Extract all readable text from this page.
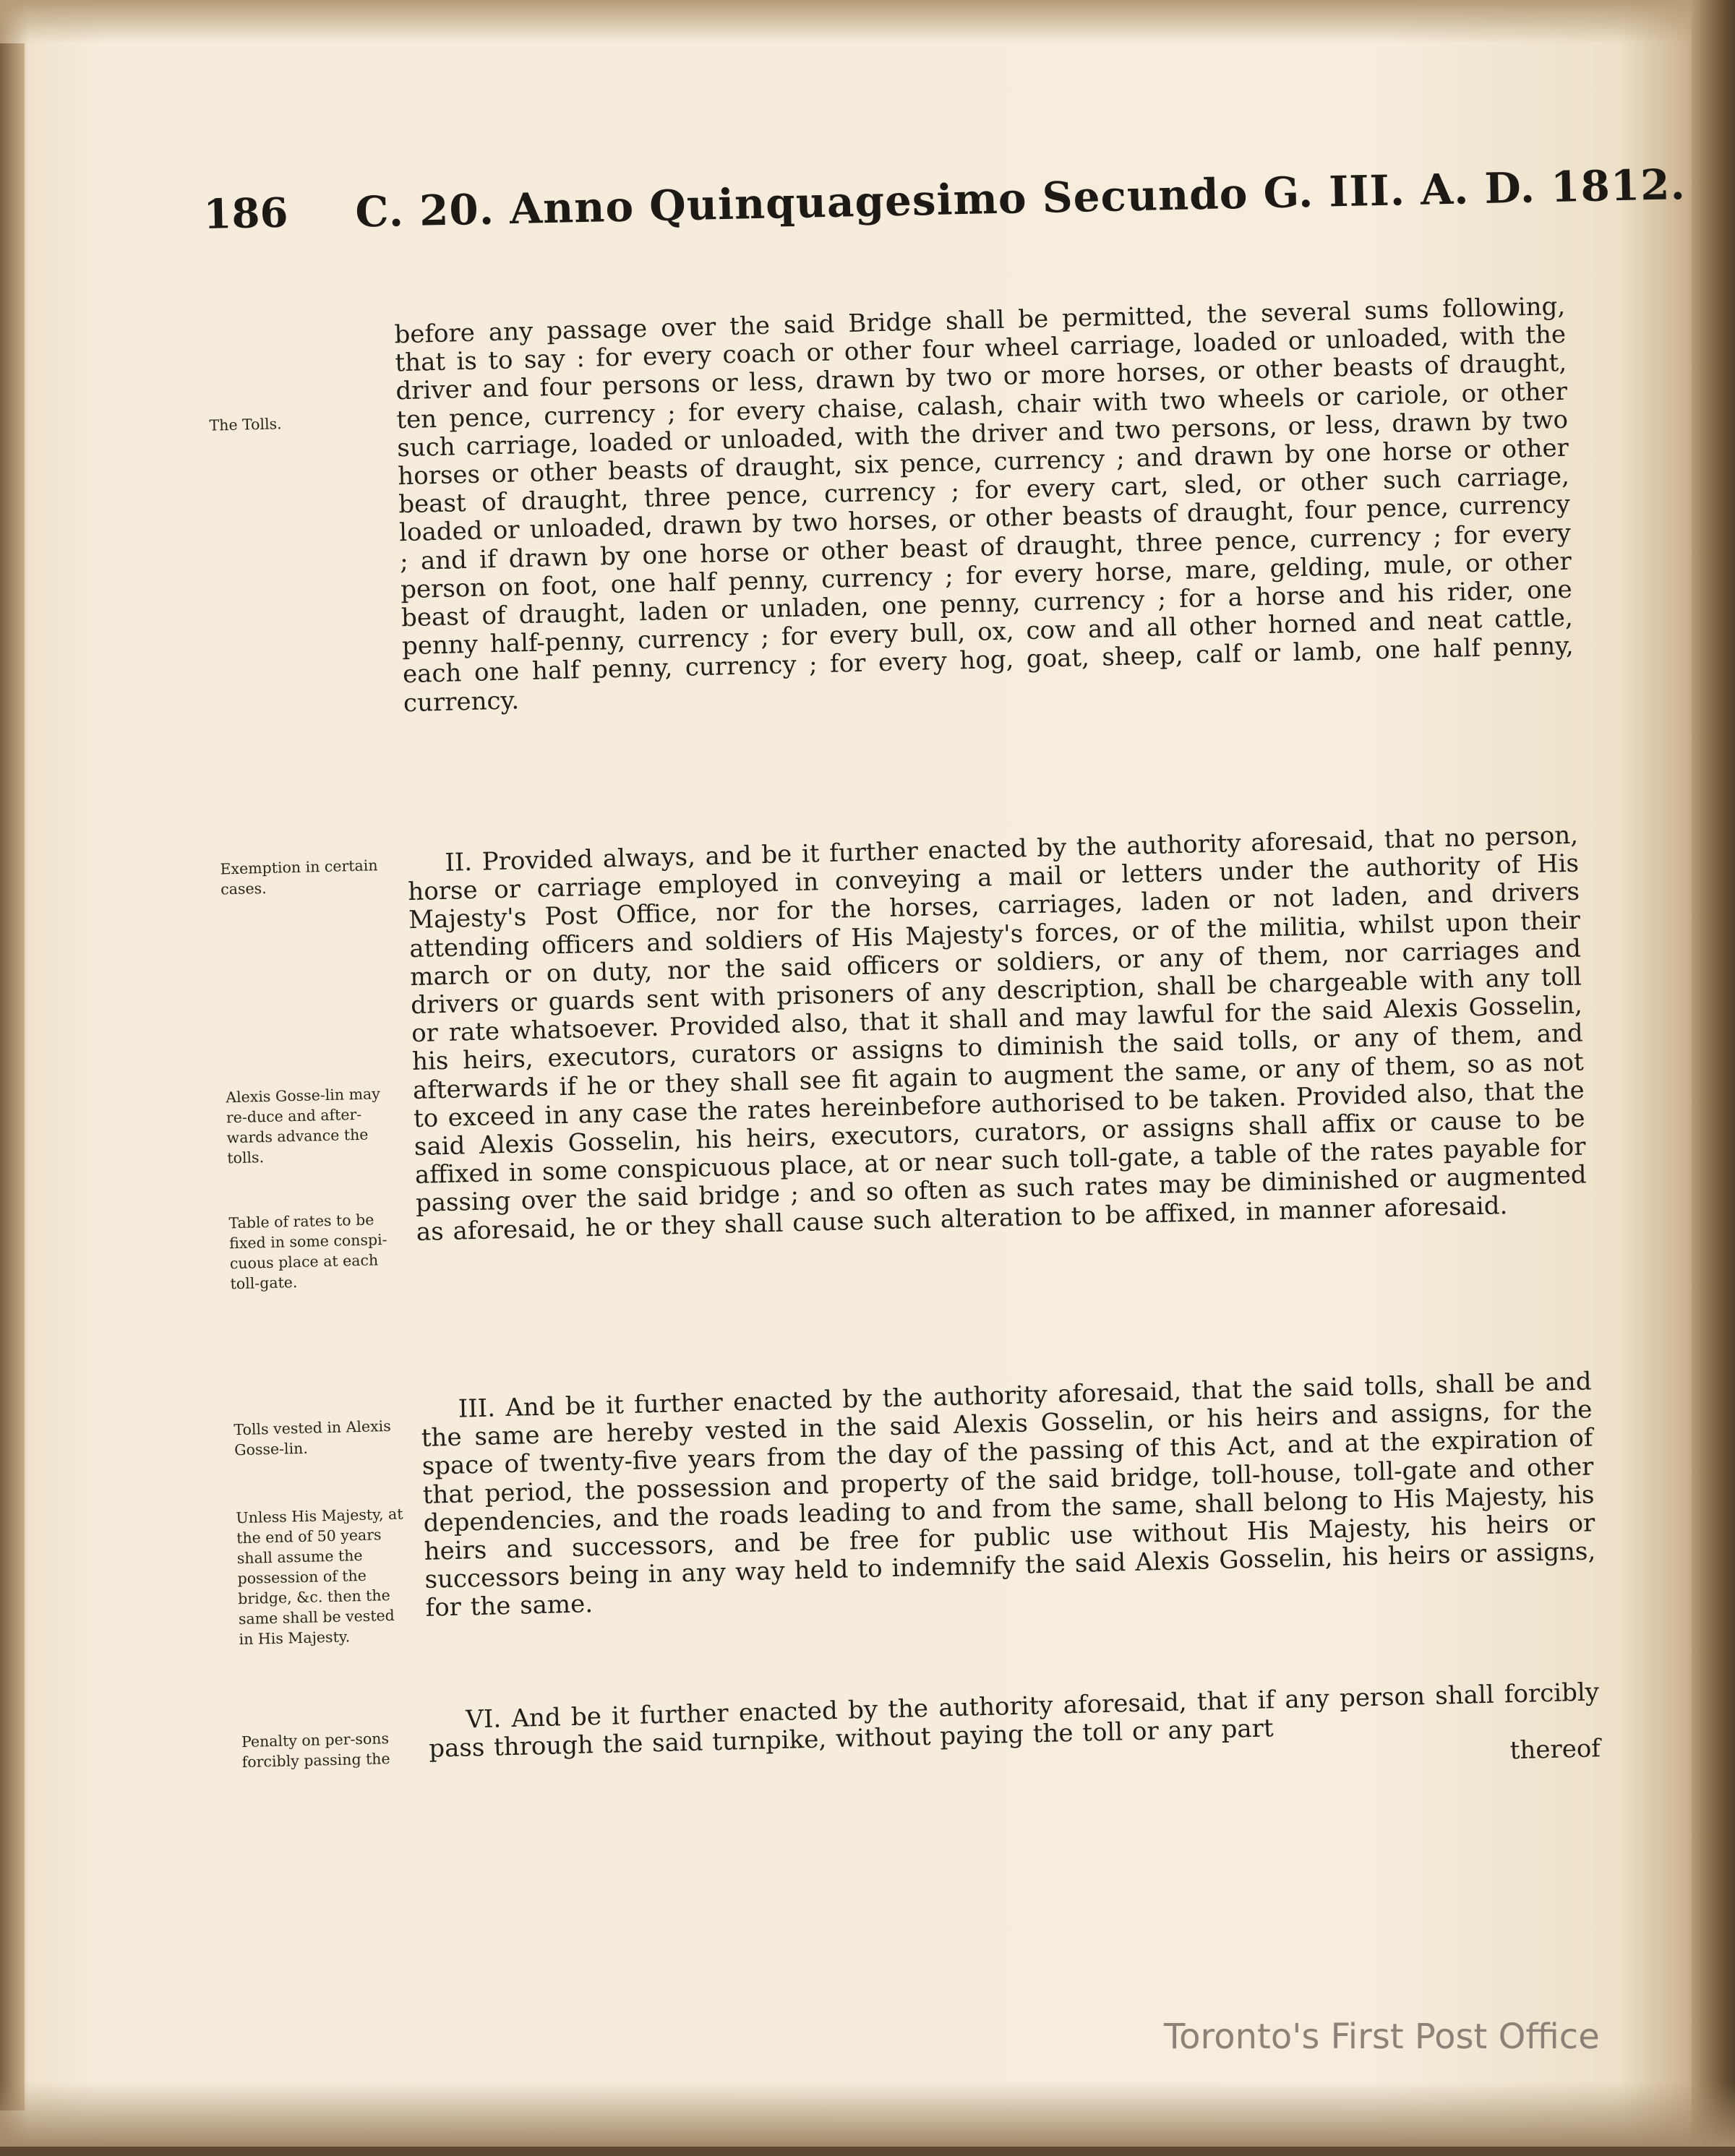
186 C. 20. Anno Quinquagesimo Secundo G. III. A. D. 1812.
The Tolls.
Exemption in certain cases.
Alexis Gosse-lin may re-duce and after-wards advance the tolls.
Table of rates to be fixed in some conspi-cuous place at each toll-gate.
Tolls vested in Alexis Gosse-lin.
Unless His Majesty, at the end of 50 years shall assume the possession of the bridge, &c. then the same shall be vested in His Majesty.
Penalty on per-sons forcibly passing the

before any passage over the said Bridge shall be permitted, the several sums following, that is to say : for every coach or other four wheel carriage, loaded or unloaded, with the driver and four persons or less, drawn by two or more horses, or other beasts of draught, ten pence, currency ; for every chaise, calash, chair with two wheels or cariole, or other such carriage, loaded or unloaded, with the driver and two persons, or less, drawn by two horses or other beasts of draught, six pence, currency ; and drawn by one horse or other beast of draught, three pence, currency ; for every cart, sled, or other such carriage, loaded or unloaded, drawn by two horses, or other beasts of draught, four pence, currency ; and if drawn by one horse or other beast of draught, three pence, currency ; for every person on foot, one half penny, currency ; for every horse, mare, gelding, mule, or other beast of draught, laden or unladen, one penny, currency ; for a horse and his rider, one penny half-penny, currency ; for every bull, ox, cow and all other horned and neat cattle, each one half penny, currency ; for every hog, goat, sheep, calf or lamb, one half penny, currency.

II. Provided always, and be it further enacted by the authority aforesaid, that no person, horse or carriage employed in conveying a mail or letters under the authority of His Majesty's Post Office, nor for the horses, carriages, laden or not laden, and drivers attending officers and soldiers of His Majesty's forces, or of the militia, whilst upon their march or on duty, nor the said officers or soldiers, or any of them, nor carriages and drivers or guards sent with prisoners of any description, shall be chargeable with any toll or rate whatsoever. Provided also, that it shall and may lawful for the said Alexis Gosselin, his heirs, executors, curators or assigns to diminish the said tolls, or any of them, and afterwards if he or they shall see fit again to augment the same, or any of them, so as not to exceed in any case the rates hereinbefore authorised to be taken. Provided also, that the said Alexis Gosselin, his heirs, executors, curators, or assigns shall affix or cause to be affixed in some conspicuous place, at or near such toll-gate, a table of the rates payable for passing over the said bridge ; and so often as such rates may be diminished or augmented as aforesaid, he or they shall cause such alteration to be affixed, in manner aforesaid.

III. And be it further enacted by the authority aforesaid, that the said tolls, shall be and the same are hereby vested in the said Alexis Gosselin, or his heirs and assigns, for the space of twenty-five years from the day of the passing of this Act, and at the expiration of that period, the possession and property of the said bridge, toll-house, toll-gate and other dependencies, and the roads leading to and from the same, shall belong to His Majesty, his heirs and successors, and be free for public use without His Majesty, his heirs or successors being in any way held to indemnify the said Alexis Gosselin, his heirs or assigns, for the same.

VI. And be it further enacted by the authority aforesaid, that if any person shall forcibly pass through the said turnpike, without paying the toll or any part	thereof

Toronto's First Post Office
